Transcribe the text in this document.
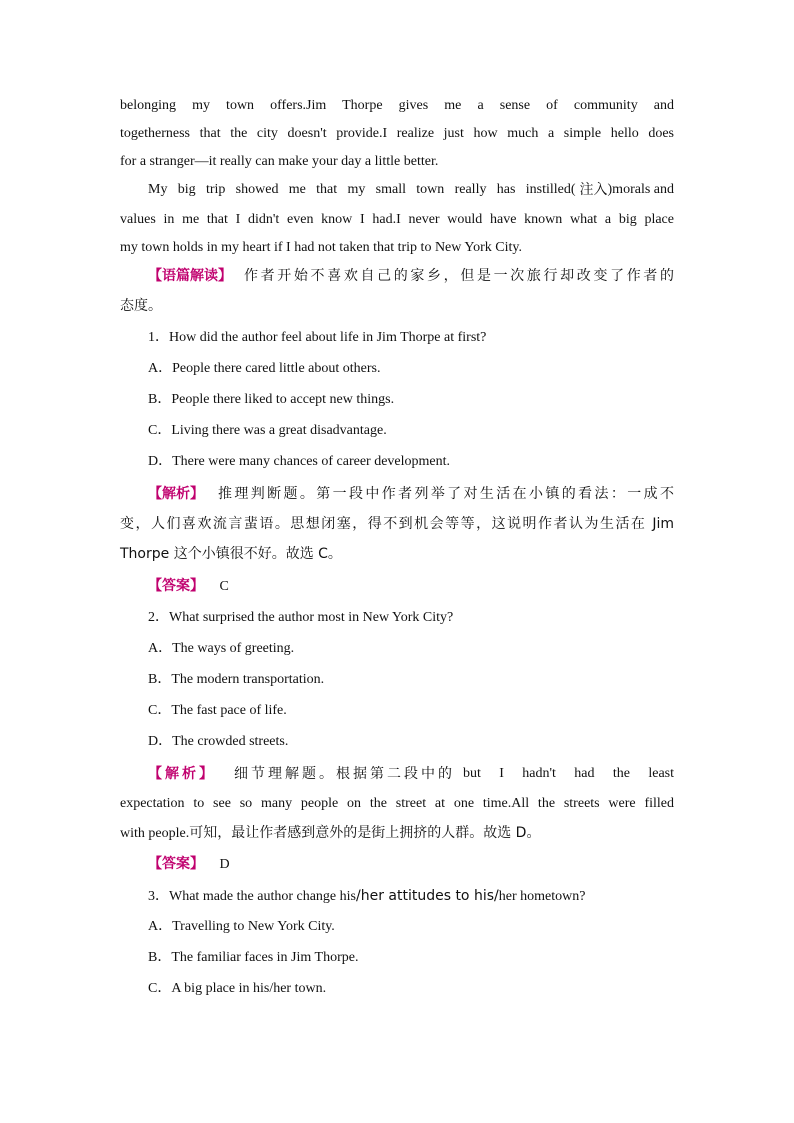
belonging my town offers.Jim Thorpe gives me a sense of community and
togetherness that the city doesn't provide.I realize just how much a simple hello does
for a stranger—it really can make your day a little better.
My big trip showed me that my small town really has instilled( 注入 )morals and
values in me that I didn't even know I had.I never would have known what a big place
my town holds in my heart if I had not taken that trip to New York City.
【语篇解读】 作者开始不喜欢自己的家乡，但是一次旅行却改变了作者的
态度。
1．How did the author feel about life in Jim Thorpe at first?
A．People there cared little about others.
B．People there liked to accept new things.
C．Living there was a great disadvantage.
D．There were many chances of career development.
【解析】 推理判断题。第一段中作者列举了对生活在小镇的看法：一成不
变，人们喜欢流言蜚语。思想闭塞，得不到机会等等，这说明作者认为生活在 Jim
Thorpe 这个小镇很不好。故选 C。
【答案】 C
2．What surprised the author most in New York City?
A．The ways of greeting.
B．The modern transportation.
C．The fast pace of life.
D．The crowded streets.
【解析】 细节理解题。根据第二段中的 but I hadn't had the least
expectation to see so many people on the street at one time.All the streets were filled
with people.可知，最让作者感到意外的是街上拥挤的人群。故选 D。
【答案】 D
3．What made the author change his/her attitudes to his/her hometown?
A．Travelling to New York City.
B．The familiar faces in Jim Thorpe.
C．A big place in his/her town.
